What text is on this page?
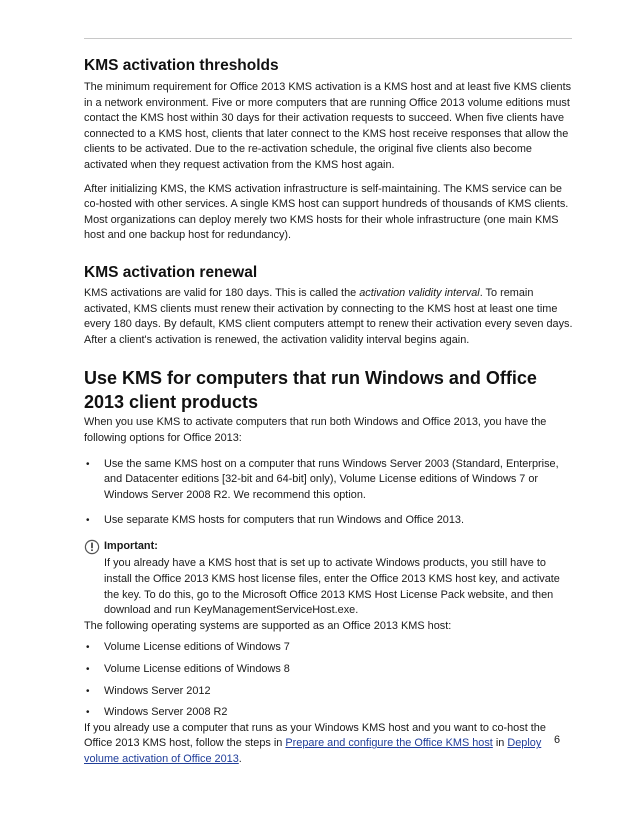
KMS activation thresholds

The minimum requirement for Office 2013 KMS activation is a KMS host and at least five KMS clients in a network environment. Five or more computers that are running Office 2013 volume editions must contact the KMS host within 30 days for their activation requests to succeed. When five clients have connected to a KMS host, clients that later connect to the KMS host receive responses that allow the clients to be activated. Due to the re-activation schedule, the original five clients also become activated when they request activation from the KMS host again.

After initializing KMS, the KMS activation infrastructure is self-maintaining. The KMS service can be co-hosted with other services. A single KMS host can support hundreds of thousands of KMS clients. Most organizations can deploy merely two KMS hosts for their whole infrastructure (one main KMS host and one backup host for redundancy).

KMS activation renewal

KMS activations are valid for 180 days. This is called the activation validity interval. To remain activated, KMS clients must renew their activation by connecting to the KMS host at least one time every 180 days. By default, KMS client computers attempt to renew their activation every seven days. After a client's activation is renewed, the activation validity interval begins again.

Use KMS for computers that run Windows and Office 2013 client products

When you use KMS to activate computers that run both Windows and Office 2013, you have the following options for Office 2013:

• Use the same KMS host on a computer that runs Windows Server 2003 (Standard, Enterprise, and Datacenter editions [32-bit and 64-bit] only), Volume License editions of Windows 7 or Windows Server 2008 R2. We recommend this option.
• Use separate KMS hosts for computers that run Windows and Office 2013.
Important:

If you already have a KMS host that is set up to activate Windows products, you still have to install the Office 2013 KMS host license files, enter the Office 2013 KMS host key, and activate the key. To do this, go to the Microsoft Office 2013 KMS Host License Pack website, and then download and run KeyManagementServiceHost.exe.

The following operating systems are supported as an Office 2013 KMS host:

• Volume License editions of Windows 7
• Volume License editions of Windows 8
• Windows Server 2012
• Windows Server 2008 R2

If you already use a computer that runs as your Windows KMS host and you want to co-host the Office 2013 KMS host, follow the steps in Prepare and configure the Office KMS host in Deploy volume activation of Office 2013.

6
